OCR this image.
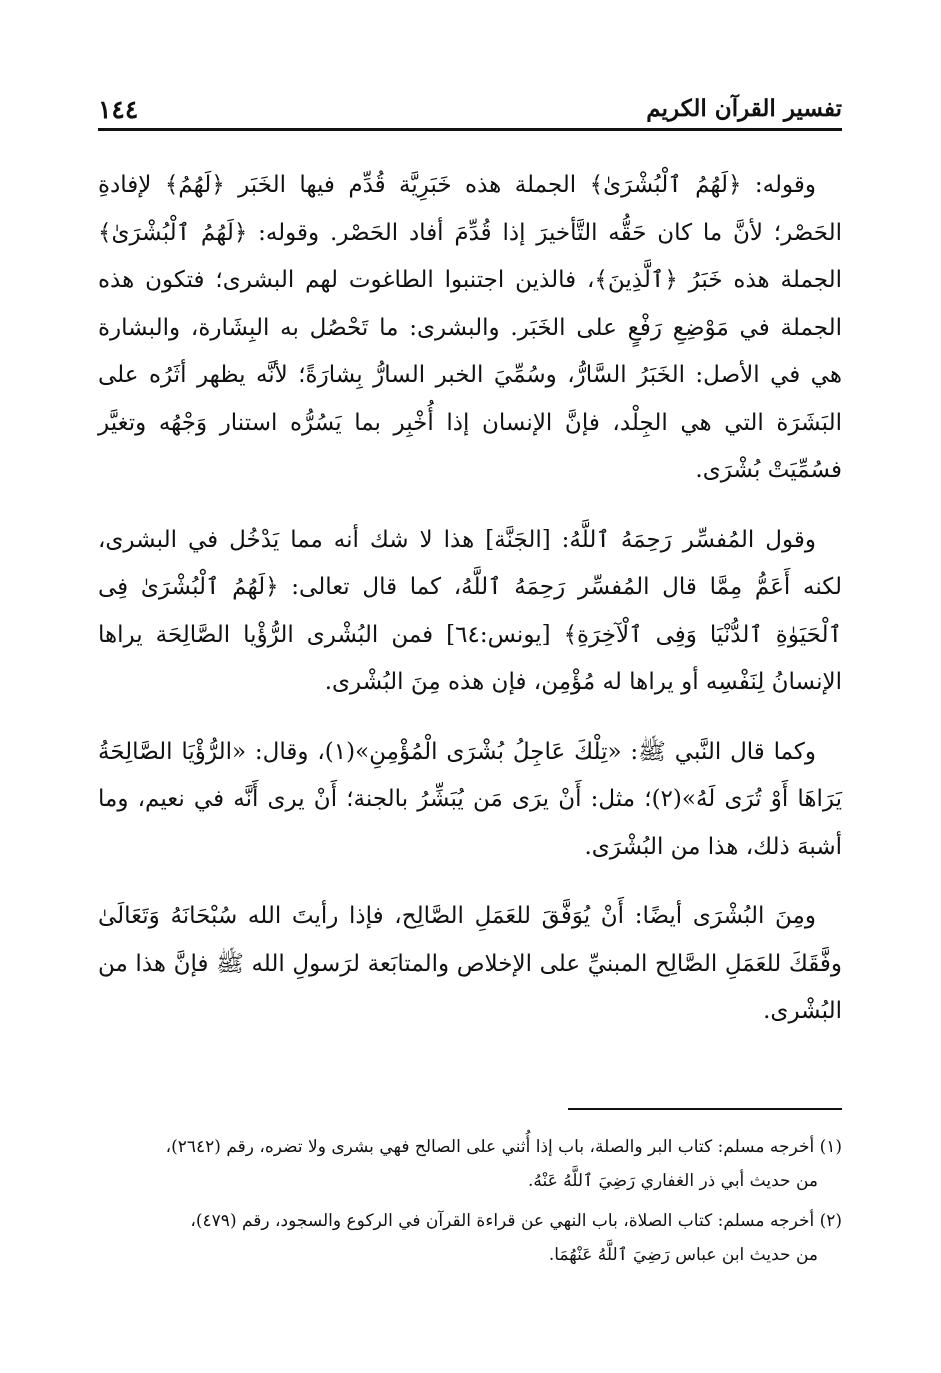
١٤٤	تفسير القرآن الكريم

وقوله: ﴿لَهُمُ ٱلْبُشْرَىٰ﴾ الجملة هذه خَبَرِيَّة قُدِّم فيها الخَبَر ﴿لَهُمُ﴾ لإفادةِ الحَصْر؛ لأنَّ ما كان حَقُّه التَّأخيرَ إذا قُدِّمَ أفاد الحَصْر. وقوله: ﴿لَهُمُ ٱلْبُشْرَىٰ﴾ الجملة هذه خَبَرُ ﴿ٱلَّذِينَ﴾، فالذين اجتنبوا الطاغوت لهم البشرى؛ فتكون هذه الجملة في مَوْضِعِ رَفْعٍ على الخَبَر. والبشرى: ما تَحْصُل به البِشَارة، والبشارة هي في الأصل: الخَبَرُ السَّارُّ، وسُمِّيَ الخبر السارُّ بِشارَةً؛ لأنَّه يظهر أثَرُه على البَشَرَة التي هي الجِلْد، فإنَّ الإنسان إذا أُخْبِر بما يَسُرُّه استنار وَجْهُه وتغيَّر فسُمِّيَتْ بُشْرَى.

وقول المُفسِّر رَحِمَهُ ٱللَّهُ: [الجَنَّة] هذا لا شك أنه مما يَدْخُل في البشرى، لكنه أَعَمُّ مِمَّا قال المُفسِّر رَحِمَهُ ٱللَّهُ، كما قال تعالى: ﴿لَهُمُ ٱلْبُشْرَىٰ فِى ٱلْحَيَوٰةِ ٱلدُّنْيَا وَفِى ٱلْآخِرَةِ﴾ [يونس:٦٤] فمن البُشْرى الرُّؤْيا الصَّالِحَة يراها الإنسانُ لِنَفْسِه أو يراها له مُؤْمِن، فإن هذه مِنَ البُشْرى.

وكما قال النَّبي ﷺ: «تِلْكَ عَاجِلُ بُشْرَى الْمُؤْمِنِ»(١)، وقال: «الرُّؤْيَا الصَّالِحَةُ يَرَاهَا أَوْ تُرَى لَهُ»(٢)؛ مثل: أَنْ يرَى مَن يُبَشِّرُ بالجنة؛ أَنْ يرى أَنَّه في نعيم، وما أشبهَ ذلك، هذا من البُشْرَى.

ومِنَ البُشْرَى أيضًا: أَنْ يُوَفَّقَ للعَمَلِ الصَّالِح، فإذا رأيتَ الله سُبْحَانَهُ وَتَعَالَىٰ وفَّقَكَ للعَمَلِ الصَّالِح المبنيِّ على الإخلاص والمتابَعة لرَسولِ الله ﷺ فإنَّ هذا من البُشْرى.

(١) أخرجه مسلم: كتاب البر والصلة، باب إذا أُثني على الصالح فهي بشرى ولا تضره، رقم (٢٦٤٢)،
من حديث أبي ذر الغفاري رَضِيَ ٱللَّهُ عَنْهُ.
(٢) أخرجه مسلم: كتاب الصلاة، باب النهي عن قراءة القرآن في الركوع والسجود، رقم (٤٧٩)،
من حديث ابن عباس رَضِيَ ٱللَّهُ عَنْهُمَا.
